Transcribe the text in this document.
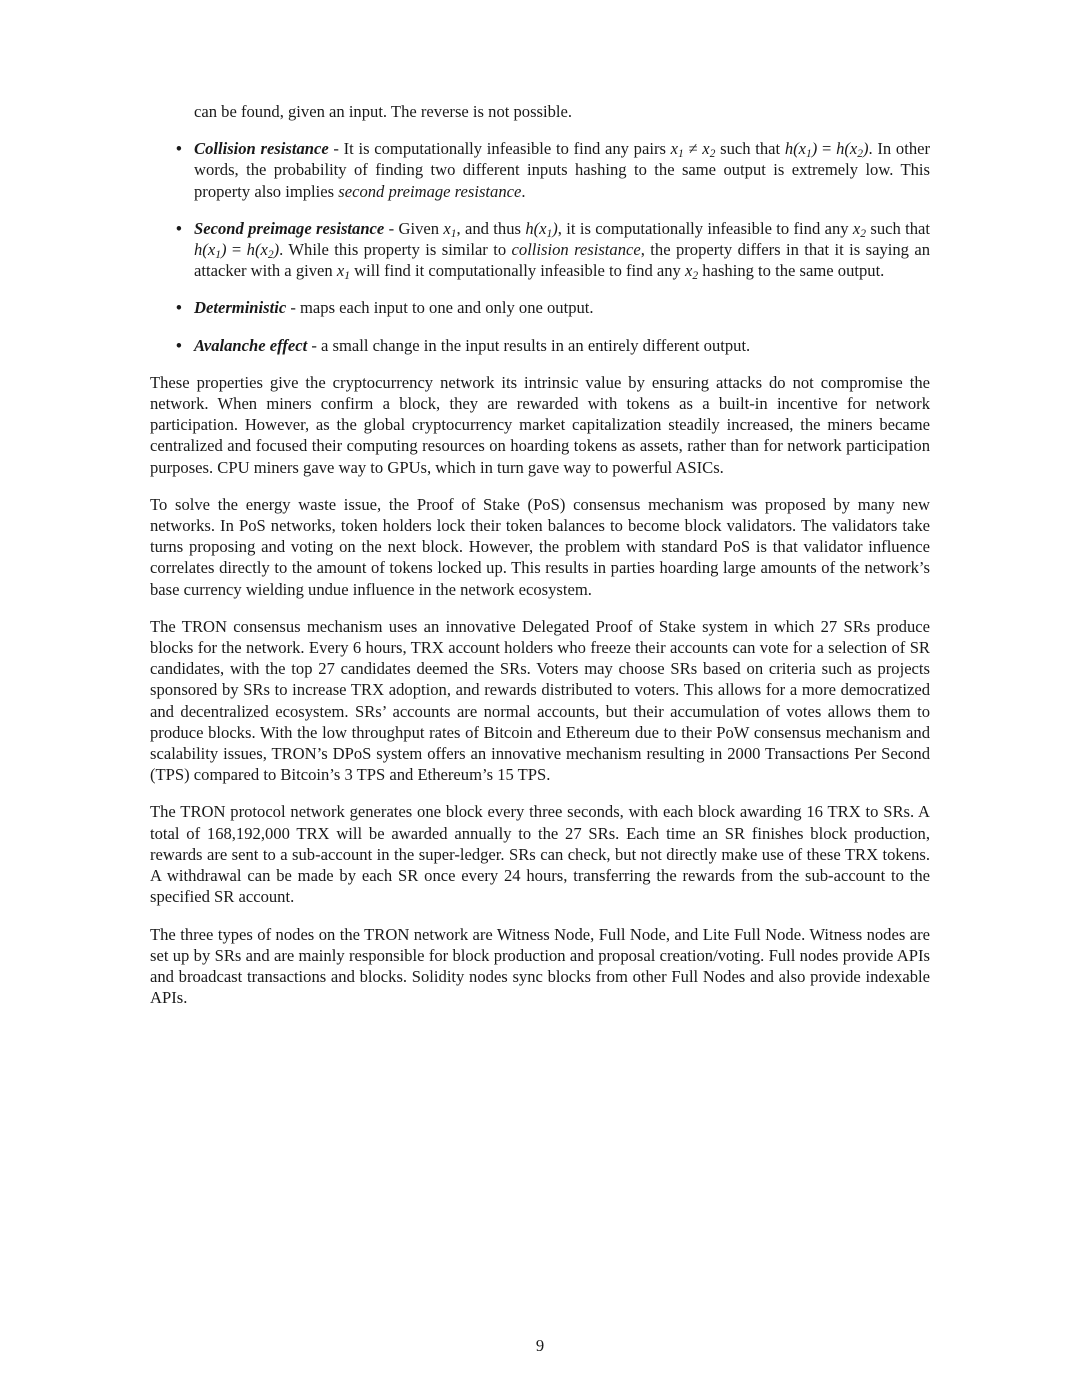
can be found, given an input. The reverse is not possible.

• Collision resistance - It is computationally infeasible to find any pairs $x_1 \ne x_2$ such that $h(x_1) = h(x_2)$. In other words, the probability of finding two different inputs hashing to the same output is extremely low. This property also implies second preimage resistance.
• Second preimage resistance - Given $x_1$, and thus $h(x_1)$, it is computationally infeasible to find any $x_2$ such that $h(x_1) = h(x_2)$. While this property is similar to collision resistance, the property differs in that it is saying an attacker with a given $x_1$ will find it computationally infeasible to find any $x_2$ hashing to the same output.
• Deterministic - maps each input to one and only one output.
• Avalanche effect - a small change in the input results in an entirely different output.

These properties give the cryptocurrency network its intrinsic value by ensuring attacks do not compromise the network. When miners confirm a block, they are rewarded with tokens as a built-in incentive for network participation. However, as the global cryptocurrency market capitalization steadily increased, the miners became centralized and focused their computing resources on hoarding tokens as assets, rather than for network participation purposes. CPU miners gave way to GPUs, which in turn gave way to powerful ASICs.

To solve the energy waste issue, the Proof of Stake (PoS) consensus mechanism was proposed by many new networks. In PoS networks, token holders lock their token balances to become block validators. The validators take turns proposing and voting on the next block. However, the problem with standard PoS is that validator influence correlates directly to the amount of tokens locked up. This results in parties hoarding large amounts of the network’s base currency wielding undue influence in the network ecosystem.

The TRON consensus mechanism uses an innovative Delegated Proof of Stake system in which 27 SRs produce blocks for the network. Every 6 hours, TRX account holders who freeze their accounts can vote for a selection of SR candidates, with the top 27 candidates deemed the SRs. Voters may choose SRs based on criteria such as projects sponsored by SRs to increase TRX adoption, and rewards distributed to voters. This allows for a more democratized and decentralized ecosystem. SRs’ accounts are normal accounts, but their accumulation of votes allows them to produce blocks. With the low throughput rates of Bitcoin and Ethereum due to their PoW consensus mechanism and scalability issues, TRON’s DPoS system offers an innovative mechanism resulting in 2000 Transactions Per Second (TPS) compared to Bitcoin’s 3 TPS and Ethereum’s 15 TPS.

The TRON protocol network generates one block every three seconds, with each block awarding 16 TRX to SRs. A total of 168,192,000 TRX will be awarded annually to the 27 SRs. Each time an SR finishes block production, rewards are sent to a sub-account in the super-ledger. SRs can check, but not directly make use of these TRX tokens. A withdrawal can be made by each SR once every 24 hours, transferring the rewards from the sub-account to the specified SR account.

The three types of nodes on the TRON network are Witness Node, Full Node, and Lite Full Node. Witness nodes are set up by SRs and are mainly responsible for block production and proposal creation/voting. Full nodes provide APIs and broadcast transactions and blocks. Solidity nodes sync blocks from other Full Nodes and also provide indexable APIs.

9
